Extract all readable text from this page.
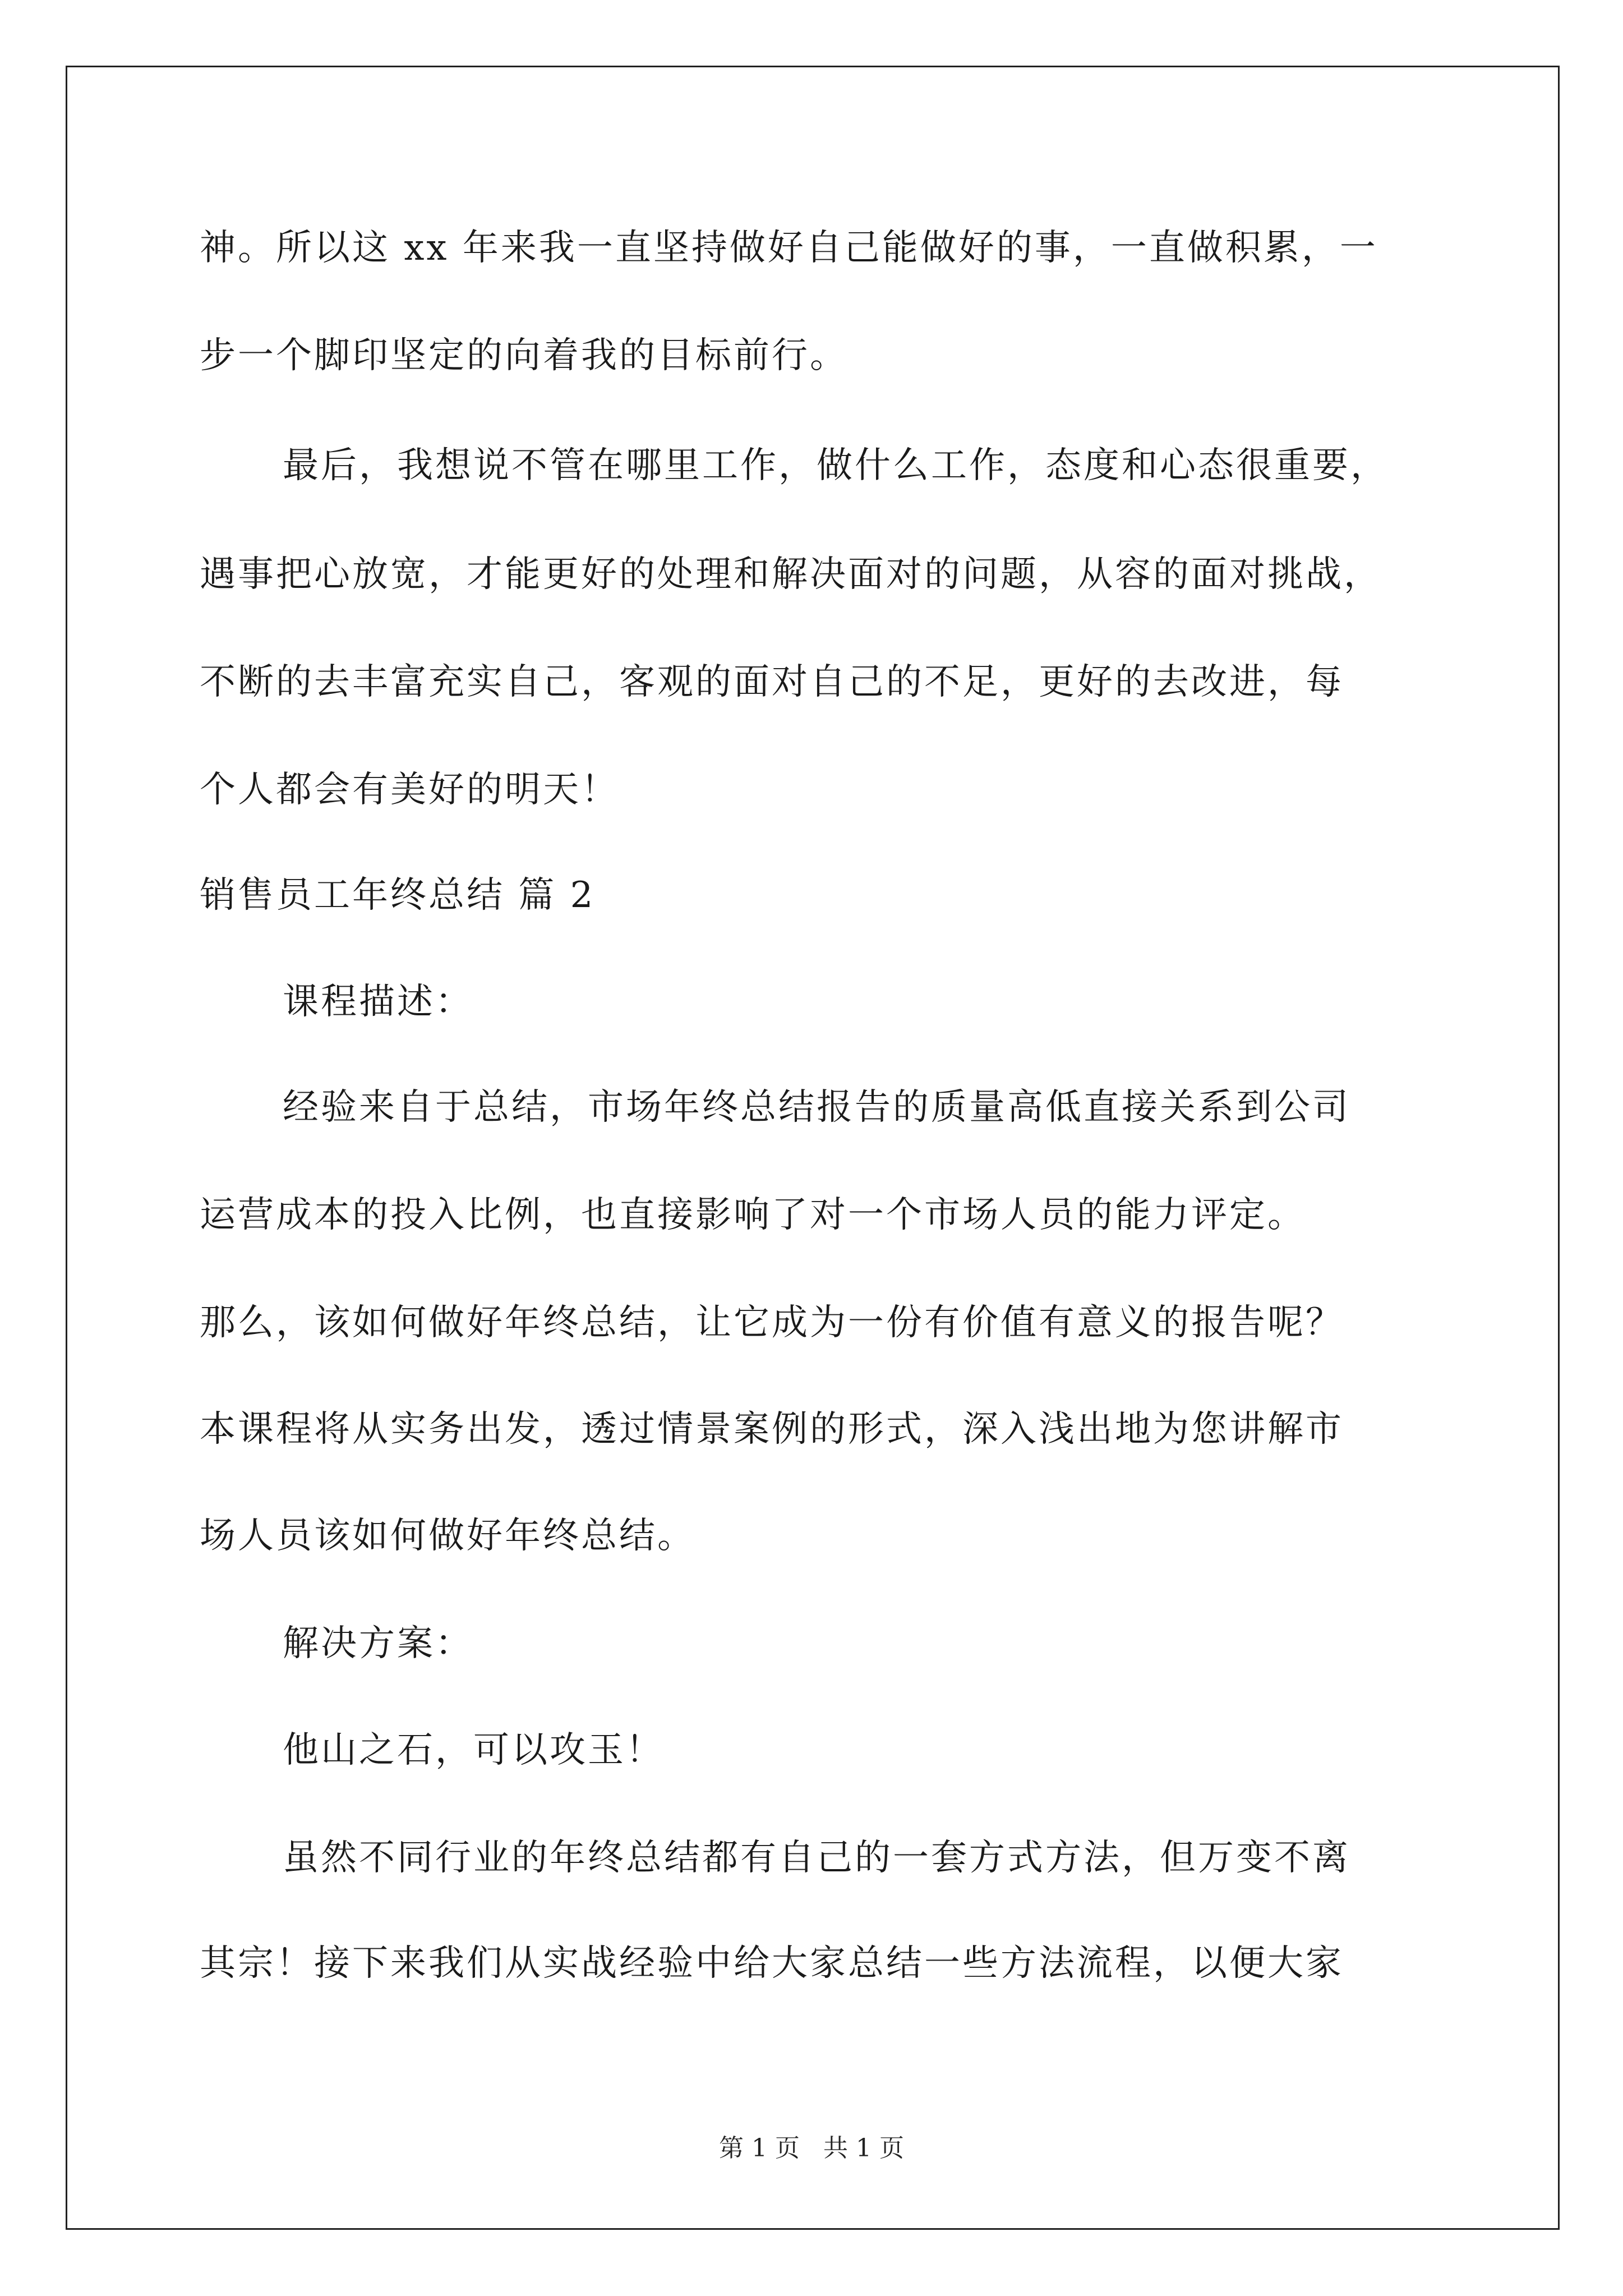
神。所以这 xx 年来我一直坚持做好自己能做好的事，一直做积累，一
步一个脚印坚定的向着我的目标前行。
最后，我想说不管在哪里工作，做什么工作，态度和心态很重要，
遇事把心放宽，才能更好的处理和解决面对的问题，从容的面对挑战，
不断的去丰富充实自己，客观的面对自己的不足，更好的去改进，每
个人都会有美好的明天！
销售员工年终总结 篇 2
课程描述：
经验来自于总结，市场年终总结报告的质量高低直接关系到公司
运营成本的投入比例，也直接影响了对一个市场人员的能力评定。
那么，该如何做好年终总结，让它成为一份有价值有意义的报告呢？
本课程将从实务出发，透过情景案例的形式，深入浅出地为您讲解市
场人员该如何做好年终总结。
解决方案：
他山之石，可以攻玉！
虽然不同行业的年终总结都有自己的一套方式方法，但万变不离
其宗！接下来我们从实战经验中给大家总结一些方法流程，以便大家
第 1 页 共 1 页
